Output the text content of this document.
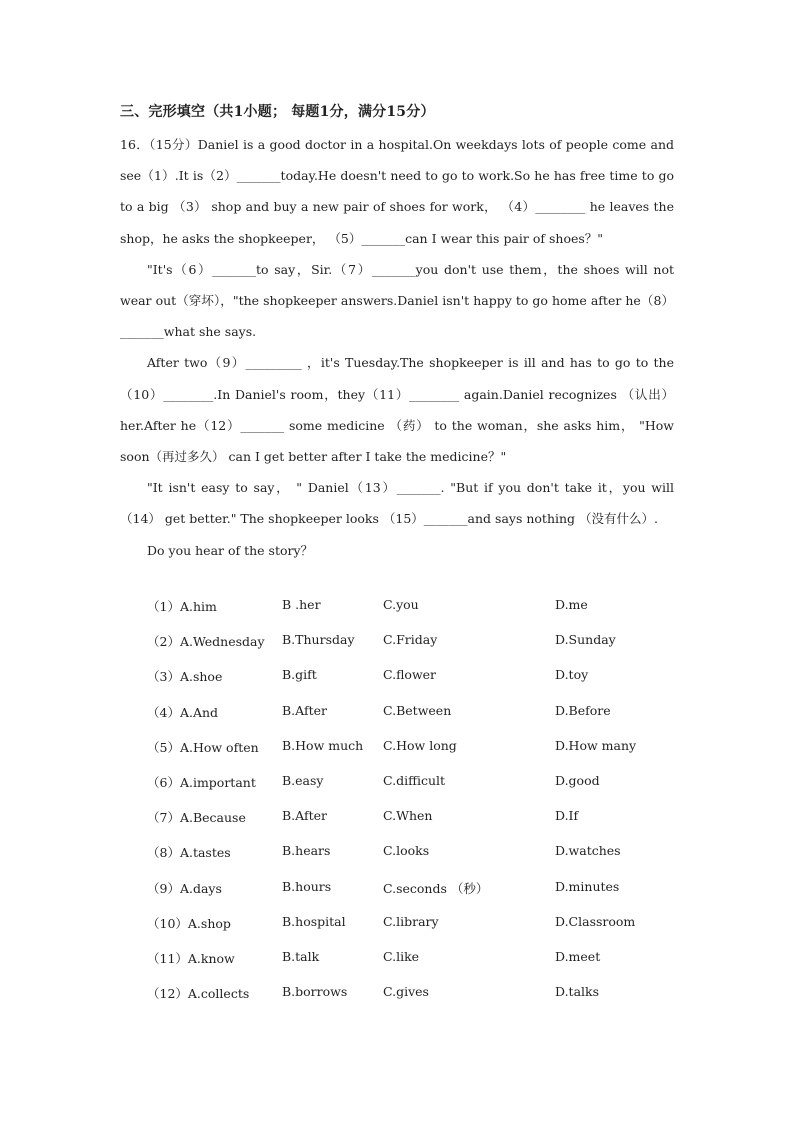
三、完形填空（共1小题； 每题1分，满分15分）

16．（15分）Daniel is a good doctor in a hospital.On weekdays lots of people come and see（1）.It is（2）_______today.He doesn't need to go to work.So he has free time to go to a big （3） shop and buy a new pair of shoes for work， （4）________ he leaves the shop，he asks the shopkeeper， （5）_______can I wear this pair of shoes？"

"It's（6）_______to say，Sir.（7）_______you don't use them，the shoes will not wear out（穿坏），"the shopkeeper answers.Daniel isn't happy to go home after he（8）_______what she says.

After two（9）_________ ，it's Tuesday.The shopkeeper is ill and has to go to the（10）________.In Daniel's room，they（11）________ again.Daniel recognizes （认出） her.After he（12）_______ some medicine （药） to the woman，she asks him， "How soon（再过多久） can I get better after I take the medicine？"

"It isn't easy to say， " Daniel（13）_______. "But if you don't take it，you will （14） get better." The shopkeeper looks （15）_______and says nothing （没有什么）.

Do you hear of the story？

（1）A.him	B .her	C.you	D.me
（2）A.Wednesday B.Thursday C.Friday	D.Sunday
（3）A.shoe	B.gift	C.flower	D.toy
（4）A.And	B.After	C.Between	D.Before
（5）A.How often B.How much C.How long	D.How many
（6）A.important B.easy	C.difficult	D.good
（7）A.Because	B.After	C.When	D.If
（8）A.tastes	B.hears	C.looks	D.watches
（9）A.days	B.hours	C.seconds （秒）	D.minutes
（10）A.shop	B.hospital	C.library	D.Classroom
（11）A.know	B.talk	C.like	D.meet
（12）A.collects	B.borrows	C.gives	D.talks
